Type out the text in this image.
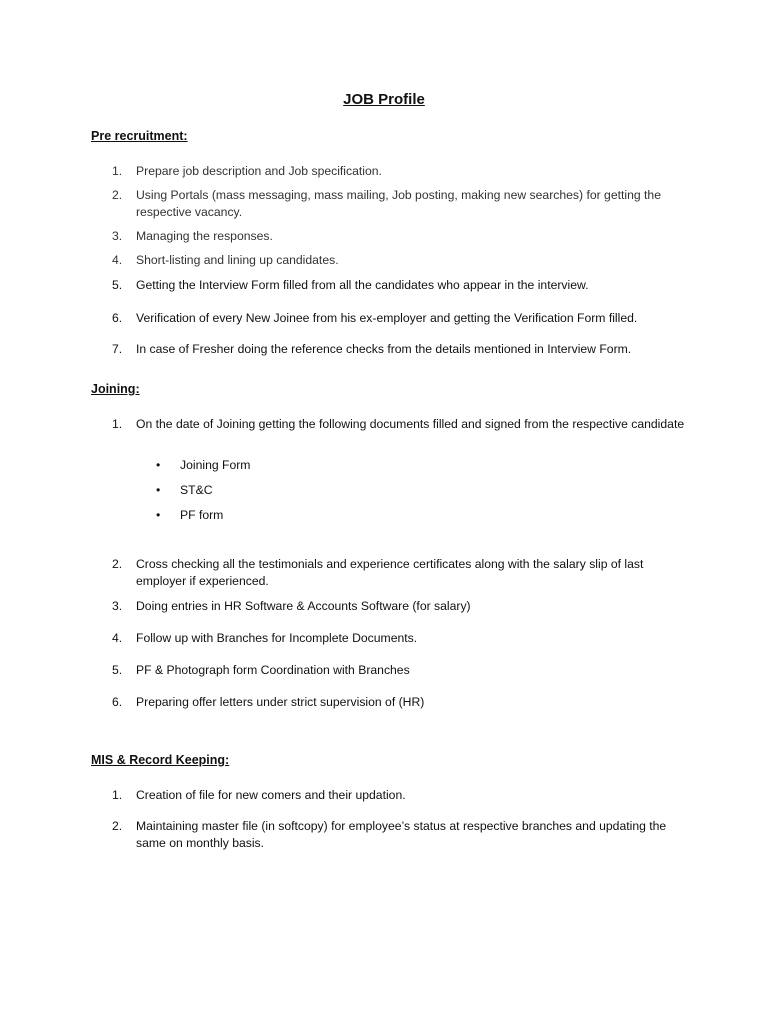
JOB Profile
Pre recruitment:
1.	Prepare job description and Job specification.
2.	Using Portals (mass messaging, mass mailing, Job posting, making new searches) for getting the respective vacancy.
3.	Managing the responses.
4.	Short-listing and lining up candidates.
5.	Getting the Interview Form filled from all the candidates who appear in the interview.
6.	Verification of every New Joinee from his ex-employer and getting the Verification Form filled.
7.	In case of Fresher doing the reference checks from the details mentioned in Interview Form.
Joining:
1.	On the date of Joining getting the following documents filled and signed from the respective candidate
• Joining Form
• ST&C
• PF form
2.	Cross checking all the testimonials and experience certificates along with the salary slip of last employer if experienced.
3.	Doing entries in HR Software & Accounts Software (for salary)
4.	Follow up with Branches for Incomplete Documents.
5.	PF & Photograph form Coordination with Branches
6.	Preparing offer letters under strict supervision of (HR)
MIS & Record Keeping:
1.	Creation of file for new comers and their updation.
2.	Maintaining master file (in softcopy) for employee’s status at respective branches and updating the same on monthly basis.
